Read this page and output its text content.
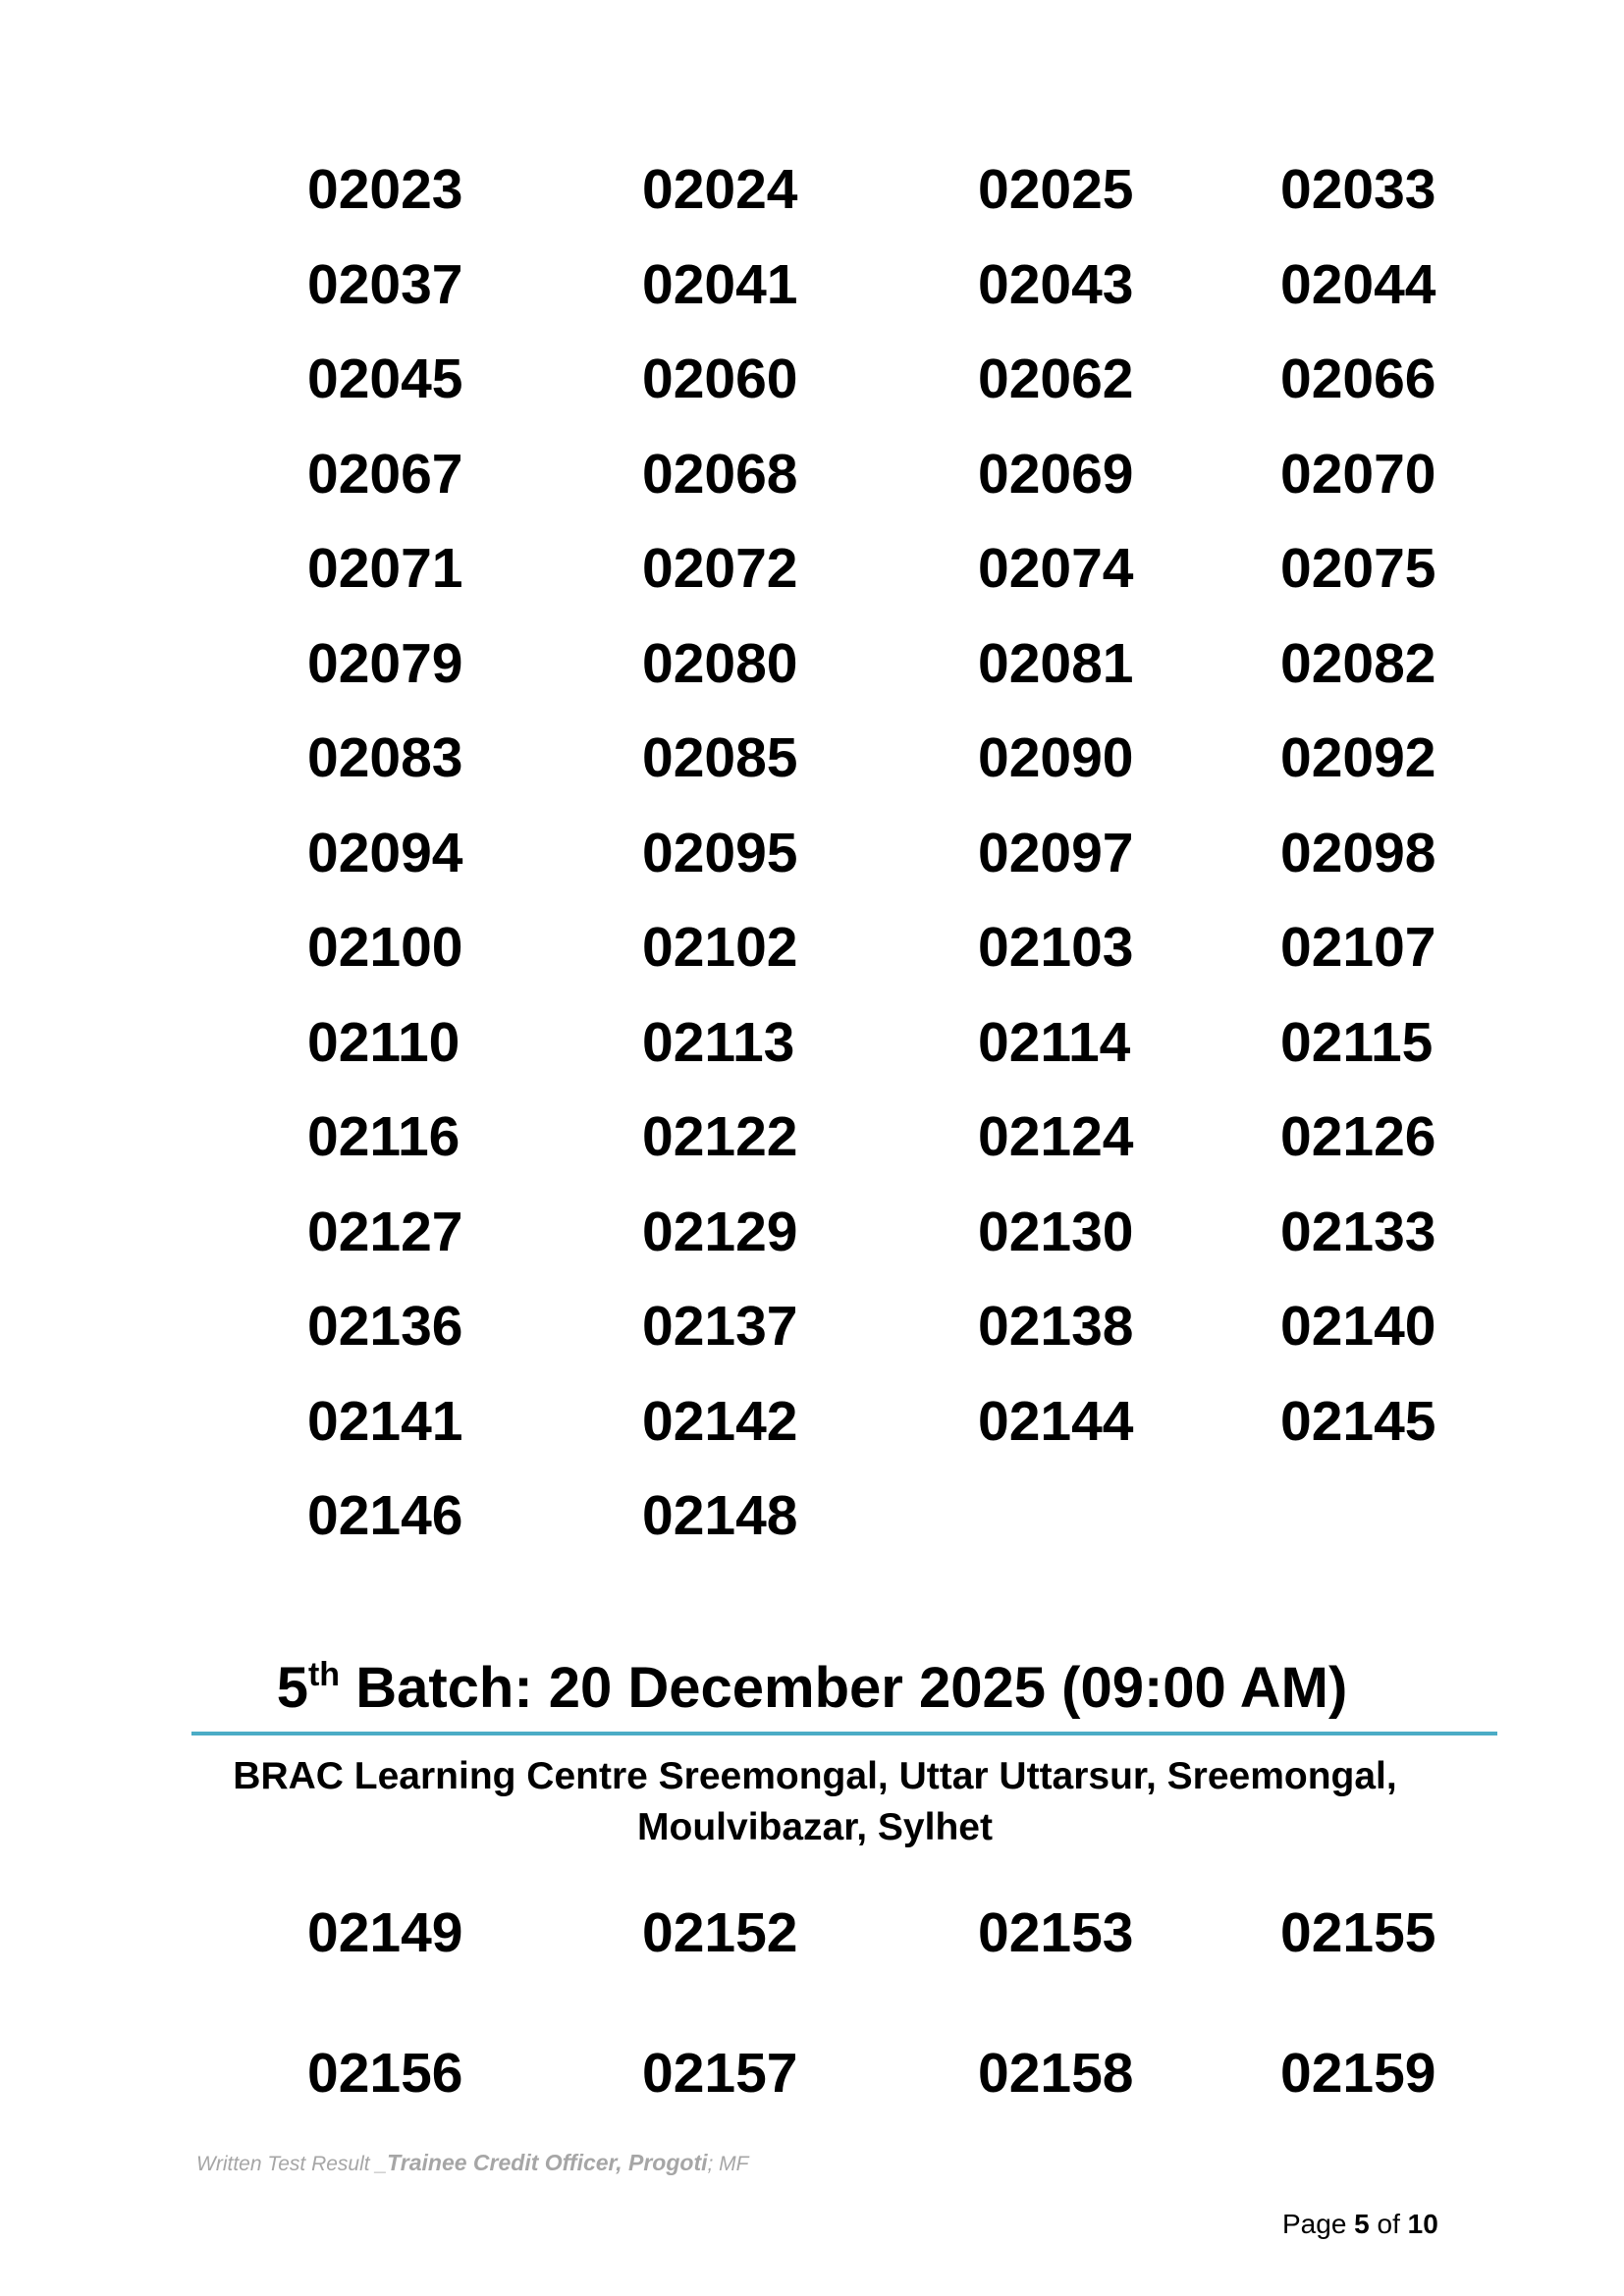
02023	02024	02025	02033
02037	02041	02043	02044
02045	02060	02062	02066
02067	02068	02069	02070
02071	02072	02074	02075
02079	02080	02081	02082
02083	02085	02090	02092
02094	02095	02097	02098
02100	02102	02103	02107
02110	02113	02114	02115
02116	02122	02124	02126
02127	02129	02130	02133
02136	02137	02138	02140
02141	02142	02144	02145
02146	02148
5th Batch: 20 December 2025 (09:00 AM)
BRAC Learning Centre Sreemongal, Uttar Uttarsur, Sreemongal,
Moulvibazar, Sylhet
02149	02152	02153	02155
02156	02157	02158	02159
Written Test Result _Trainee Credit Officer, Progoti; MF
Page 5 of 10
